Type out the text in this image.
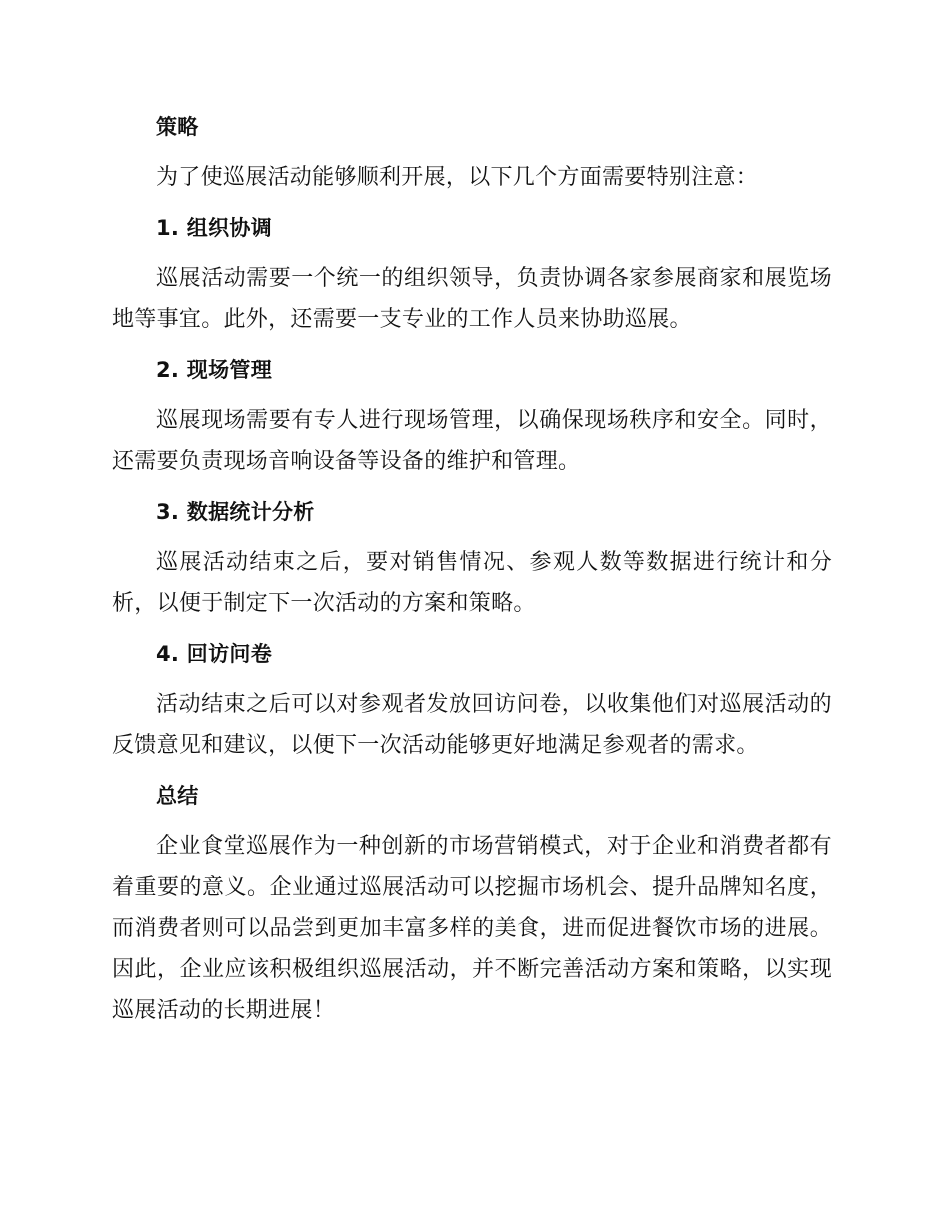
策略

为了使巡展活动能够顺利开展，以下几个方面需要特别注意：

1. 组织协调

巡展活动需要一个统一的组织领导，负责协调各家参展商家和展览场地等事宜。此外，还需要一支专业的工作人员来协助巡展。

2. 现场管理

巡展现场需要有专人进行现场管理，以确保现场秩序和安全。同时，还需要负责现场音响设备等设备的维护和管理。

3. 数据统计分析

巡展活动结束之后，要对销售情况、参观人数等数据进行统计和分析，以便于制定下一次活动的方案和策略。

4. 回访问卷

活动结束之后可以对参观者发放回访问卷，以收集他们对巡展活动的反馈意见和建议，以便下一次活动能够更好地满足参观者的需求。

总结

企业食堂巡展作为一种创新的市场营销模式，对于企业和消费者都有着重要的意义。企业通过巡展活动可以挖掘市场机会、提升品牌知名度，而消费者则可以品尝到更加丰富多样的美食，进而促进餐饮市场的进展。因此，企业应该积极组织巡展活动，并不断完善活动方案和策略，以实现巡展活动的长期进展！
